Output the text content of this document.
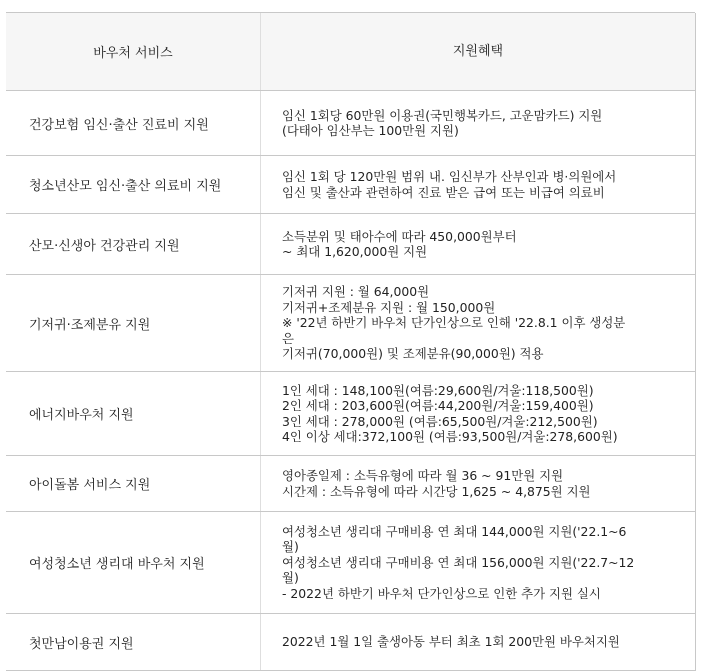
바우처 서비스	지원혜택
건강보험 임신·출산 진료비 지원
임신 1회당 60만원 이용권(국민행복카드, 고운맘카드) 지원
(다태아 임산부는 100만원 지원)
청소년산모 임신·출산 의료비 지원
임신 1회 당 120만원 범위 내. 임신부가 산부인과 병·의원에서
임신 및 출산과 관련하여 진료 받은 급여 또는 비급여 의료비
산모·신생아 건강관리 지원
소득분위 및 태아수에 따라 450,000원부터
~ 최대 1,620,000원 지원
기저귀·조제분유 지원
기저귀 지원 : 월 64,000원
기저귀+조제분유 지원 : 월 150,000원
※ '22년 하반기 바우처 단가인상으로 인해 '22.8.1 이후 생성분
은
기저귀(70,000원) 및 조제분유(90,000원) 적용
에너지바우처 지원
1인 세대 : 148,100원(여름:29,600원/겨울:118,500원)
2인 세대 : 203,600원(여름:44,200원/겨울:159,400원)
3인 세대 : 278,000원 (여름:65,500원/겨울:212,500원)
4인 이상 세대:372,100원 (여름:93,500원/겨울:278,600원)
아이돌봄 서비스 지원
영아종일제 : 소득유형에 따라 월 36 ~ 91만원 지원
시간제 : 소득유형에 따라 시간당 1,625 ~ 4,875원 지원
여성청소년 생리대 바우처 지원
여성청소년 생리대 구매비용 연 최대 144,000원 지원('22.1~6
월)
여성청소년 생리대 구매비용 연 최대 156,000원 지원('22.7~12
월)
- 2022년 하반기 바우처 단가인상으로 인한 추가 지원 실시
첫만남이용권 지원	2022년 1월 1일 출생아동 부터 최초 1회 200만원 바우처지원
